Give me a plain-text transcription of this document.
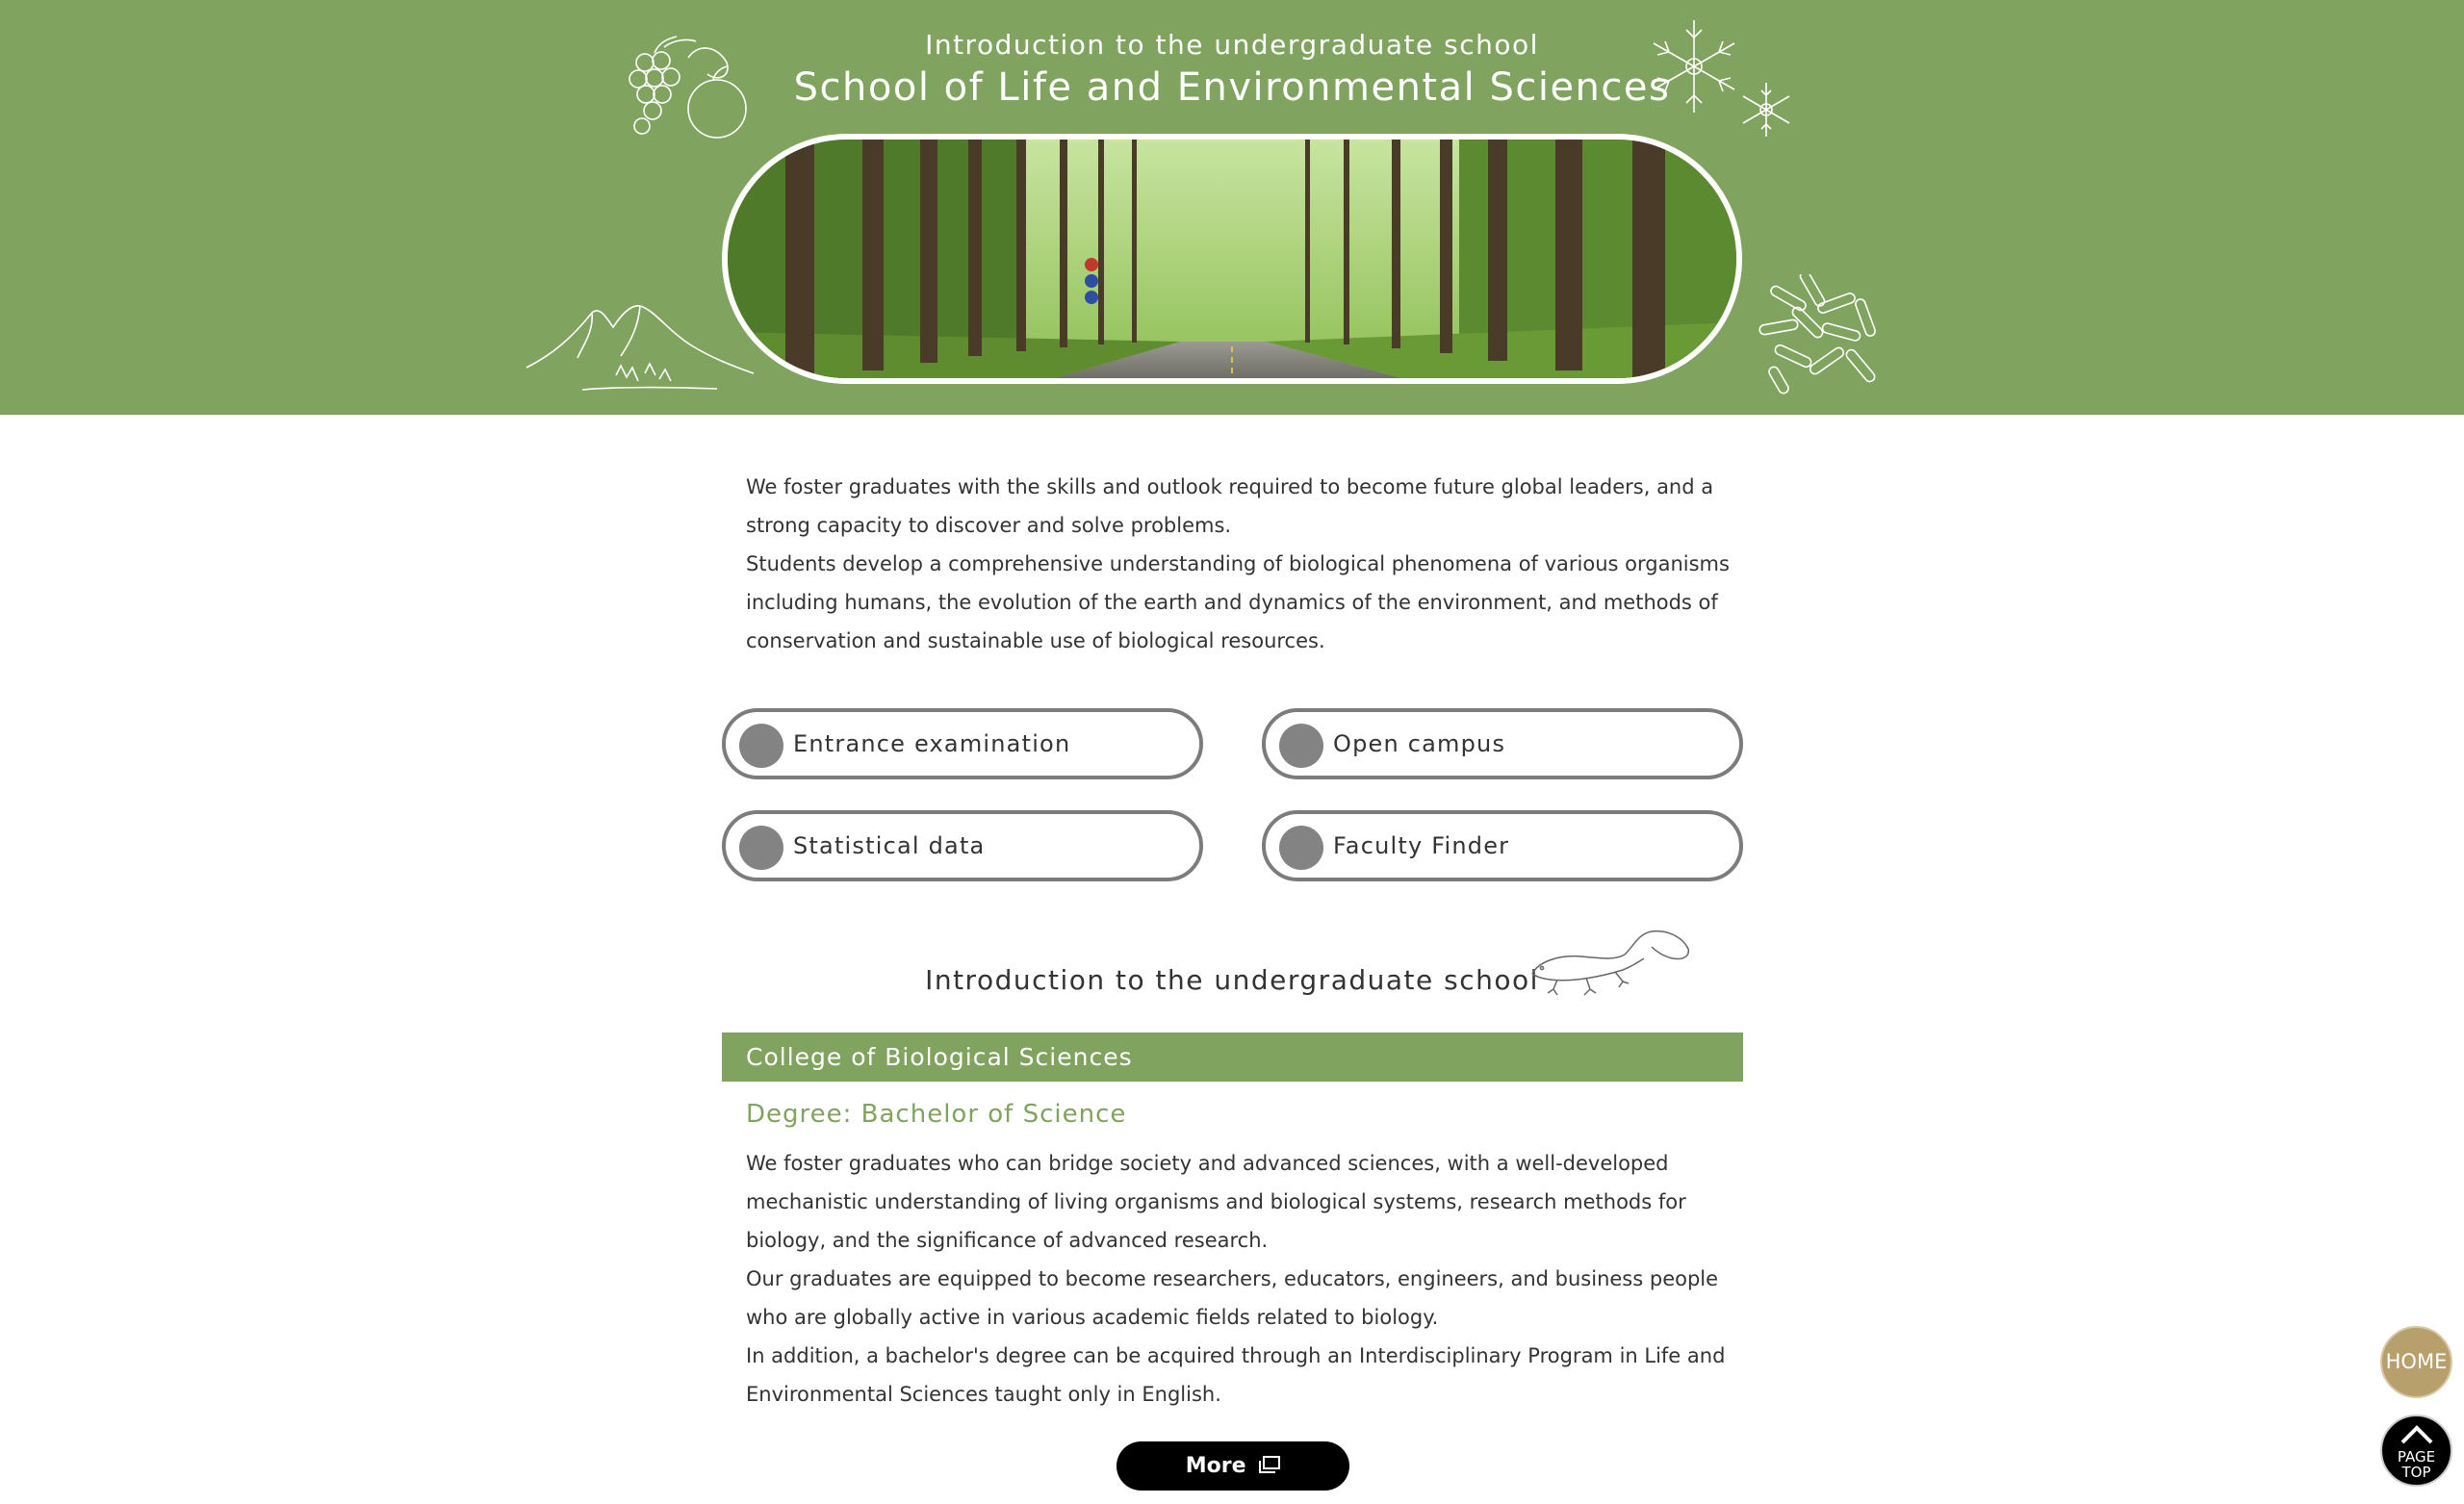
Introduction to the undergraduate school
School of Life and Environmental Sciences

We foster graduates with the skills and outlook required to become future global leaders, and a strong capacity to discover and solve problems.

Students develop a comprehensive understanding of biological phenomena of various organisms including humans, the evolution of the earth and dynamics of the environment, and methods of conservation and sustainable use of biological resources.

Entrance examination	Open campus
Statistical data	Faculty Finder
Introduction to the undergraduate school
College of Biological Sciences
Degree: Bachelor of Science

We foster graduates who can bridge society and advanced sciences, with a well-developed mechanistic understanding of living organisms and biological systems, research methods for biology, and the significance of advanced research.

Our graduates are equipped to become researchers, educators, engineers, and business people who are globally active in various academic fields related to biology.

In addition, a bachelor's degree can be acquired through an Interdisciplinary Program in Life and Environmental Sciences taught only in English.

More
HOME
PAGE
TOP
